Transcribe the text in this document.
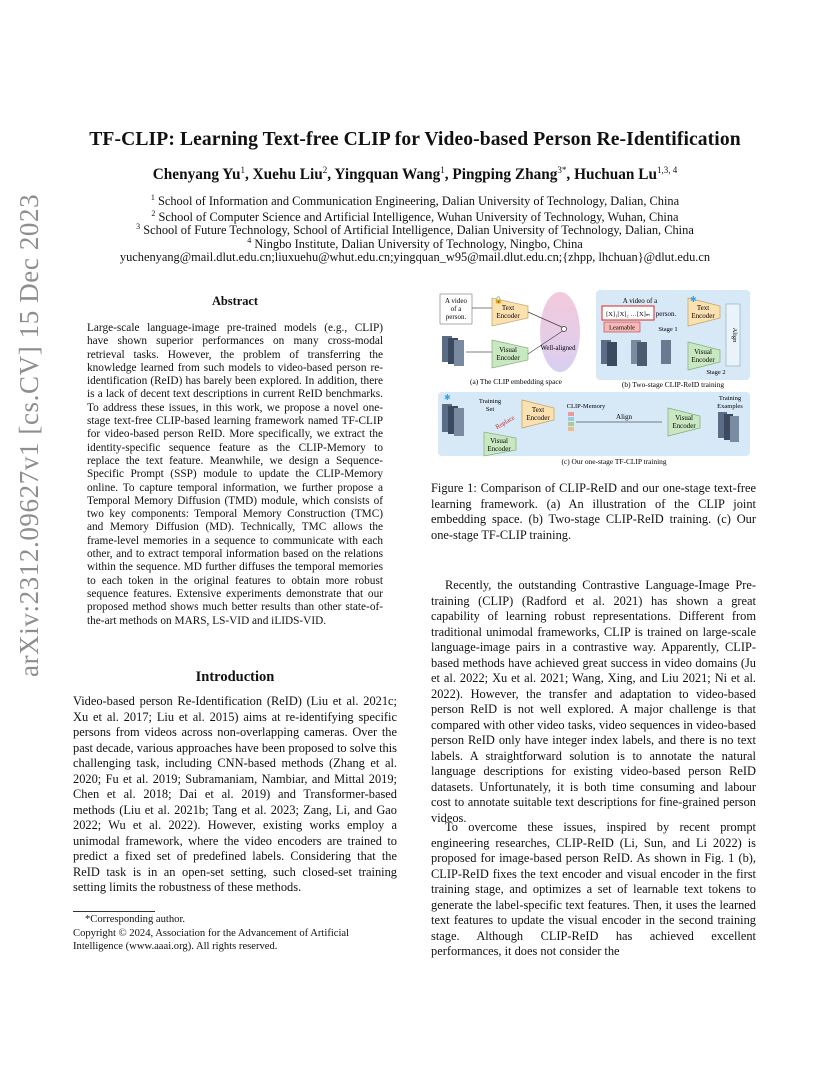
arXiv:2312.09627v1 [cs.CV] 15 Dec 2023
TF-CLIP: Learning Text-free CLIP for Video-based Person Re-Identification
Chenyang Yu$^1$, Xuehu Liu$^2$, Yingquan Wang$^1$, Pingping Zhang$^{3*}$, Huchuan Lu$^{1,3, 4}$
$^1$ School of Information and Communication Engineering, Dalian University of Technology, Dalian, China
$^2$ School of Computer Science and Artificial Intelligence, Wuhan University of Technology, Wuhan, China
$^3$ School of Future Technology, School of Artificial Intelligence, Dalian University of Technology, Dalian, China
$^4$ Ningbo Institute, Dalian University of Technology, Ningbo, China
yuchenyang@mail.dlut.edu.cn;liuxuehu@whut.edu.cn;yingquan_w95@mail.dlut.edu.cn;{zhpp, lhchuan}@dlut.edu.cn
Abstract
Large-scale language-image pre-trained models (e.g., CLIP) have shown superior performances on many cross-modal retrieval tasks. However, the problem of transferring the knowledge learned from such models to video-based person re-identification (ReID) has barely been explored. In addition, there is a lack of decent text descriptions in current ReID benchmarks. To address these issues, in this work, we propose a novel one-stage text-free CLIP-based learning framework named TF-CLIP for video-based person ReID. More specifically, we extract the identity-specific sequence feature as the CLIP-Memory to replace the text feature. Meanwhile, we design a Sequence-Specific Prompt (SSP) module to update the CLIP-Memory online. To capture temporal information, we further propose a Temporal Memory Diffusion (TMD) module, which consists of two key components: Temporal Memory Construction (TMC) and Memory Diffusion (MD). Technically, TMC allows the frame-level memories in a sequence to communicate with each other, and to extract temporal information based on the relations within the sequence. MD further diffuses the temporal memories to each token in the original features to obtain more robust sequence features. Extensive experiments demonstrate that our proposed method shows much better results than other state-of-the-art methods on MARS, LS-VID and iLIDS-VID.
Introduction
Video-based person Re-Identification (ReID) (Liu et al. 2021c; Xu et al. 2017; Liu et al. 2015) aims at re-identifying specific persons from videos across non-overlapping cameras. Over the past decade, various approaches have been proposed to solve this challenging task, including CNN-based methods (Zhang et al. 2020; Fu et al. 2019; Subramaniam, Nambiar, and Mittal 2019; Chen et al. 2018; Dai et al. 2019) and Transformer-based methods (Liu et al. 2021b; Tang et al. 2023; Zang, Li, and Gao 2022; Wu et al. 2022). However, existing works employ a unimodal framework, where the video encoders are trained to predict a fixed set of predefined labels. Considering that the ReID task is in an open-set setting, such closed-set training setting limits the robustness of these methods.
*Corresponding author.
Copyright © 2024, Association for the Advancement of Artificial Intelligence (www.aaai.org). All rights reserved.
A video
of a
person.
Text
Encoder
🔒
Visual
Encoder
Well-aligned
(a) The CLIP embedding space
A video of a
[X]₁[X]₂ …[X]ₘ person.
Learnable	Stage 1
Text
Encoder
✱
Visual
Encoder
Stage 2
Align
(b) Two-stage CLIP-ReID training
✱	Training
Set
Replace
Text
Encoder
Visual
Encoder
CLIP-Memory
Align	Visual
Encoder
Training
Examples
(c) Our one-stage TF-CLIP training
Figure 1: Comparison of CLIP-ReID and our one-stage text-free learning framework. (a) An illustration of the CLIP joint embedding space. (b) Two-stage CLIP-ReID training. (c) Our one-stage TF-CLIP training.
Recently, the outstanding Contrastive Language-Image Pre-training (CLIP) (Radford et al. 2021) has shown a great capability of learning robust representations. Different from traditional unimodal frameworks, CLIP is trained on large-scale language-image pairs in a contrastive way. Apparently, CLIP-based methods have achieved great success in video domains (Ju et al. 2022; Xu et al. 2021; Wang, Xing, and Liu 2021; Ni et al. 2022). However, the transfer and adaptation to video-based person ReID is not well explored. A major challenge is that compared with other video tasks, video sequences in video-based person ReID only have integer index labels, and there is no text labels. A straightforward solution is to annotate the natural language descriptions for existing video-based person ReID datasets. Unfortunately, it is both time consuming and labour cost to annotate suitable text descriptions for fine-grained person videos.
To overcome these issues, inspired by recent prompt engineering researches, CLIP-ReID (Li, Sun, and Li 2022) is proposed for image-based person ReID. As shown in Fig. 1 (b), CLIP-ReID fixes the text encoder and visual encoder in the first training stage, and optimizes a set of learnable text tokens to generate the label-specific text features. Then, it uses the learned text features to update the visual encoder in the second training stage. Although CLIP-ReID has achieved excellent performances, it does not consider the
